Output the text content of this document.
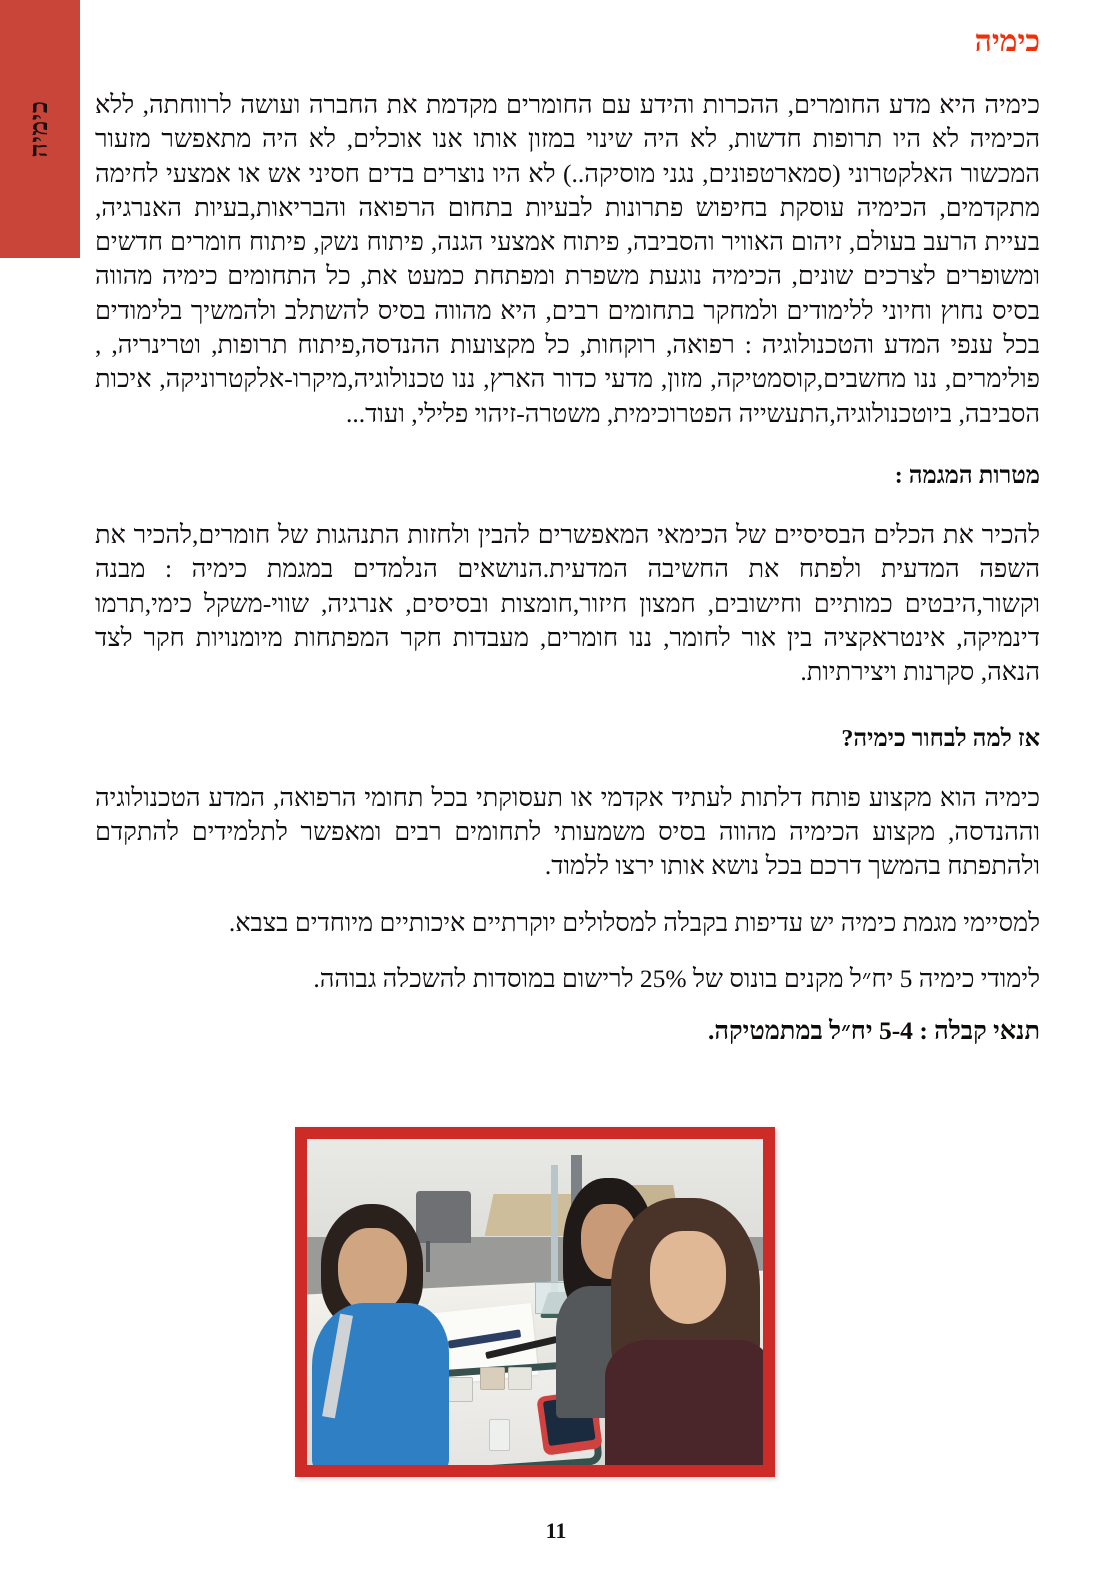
כימיה
כימיה

כימיה היא מדע החומרים, ההכרות והידע עם החומרים מקדמת את החברה ועושה לרווחתה, ללא הכימיה לא היו תרופות חדשות, לא היה שינוי במזון אותו אנו אוכלים, לא היה מתאפשר מזעור המכשור האלקטרוני (סמארטפונים, נגני מוסיקה..) לא היו נוצרים בדים חסיני אש או אמצעי לחימה מתקדמים, הכימיה עוסקת בחיפוש פתרונות לבעיות בתחום הרפואה והבריאות,בעיות האנרגיה, בעיית הרעב בעולם, זיהום האוויר והסביבה, פיתוח אמצעי הגנה, פיתוח נשק, פיתוח חומרים חדשים ומשופרים לצרכים שונים, הכימיה נוגעת משפרת ומפתחת כמעט את, כל התחומים כימיה מהווה בסיס נחוץ וחיוני ללימודים ולמחקר בתחומים רבים, היא מהווה בסיס להשתלב ולהמשיך בלימודים בכל ענפי המדע והטכנולוגיה : רפואה, רוקחות, כל מקצועות ההנדסה,פיתוח תרופות, וטרינריה, , פולימרים, ננו מחשבים,קוסמטיקה, מזון, מדעי כדור הארץ, ננו טכנולוגיה,מיקרו-אלקטרוניקה, איכות הסביבה, ביוטכנולוגיה,התעשייה הפטרוכימית, משטרה-זיהוי פלילי, ועוד...

מטרות המגמה :

להכיר את הכלים הבסיסיים של הכימאי המאפשרים להבין ולחזות התנהגות של חומרים,להכיר את השפה המדעית ולפתח את החשיבה המדעית.הנושאים הנלמדים במגמת כימיה : מבנה וקשור,היבטים כמותיים וחישובים, חמצון חיזור,חומצות ובסיסים, אנרגיה, שווי-משקל כימי,תרמו דינמיקה, אינטראקציה בין אור לחומר, ננו חומרים, מעבדות חקר המפתחות מיומנויות חקר לצד הנאה, סקרנות ויצירתיות.

אז למה לבחור כימיה?

כימיה הוא מקצוע פותח דלתות לעתיד אקדמי או תעסוקתי בכל תחומי הרפואה, המדע הטכנולוגיה וההנדסה, מקצוע הכימיה מהווה בסיס משמעותי לתחומים רבים ומאפשר לתלמידים להתקדם ולהתפתח בהמשך דרכם בכל נושא אותו ירצו ללמוד.

למסיימי מגמת כימיה יש עדיפות בקבלה למסלולים יוקרתיים איכותיים מיוחדים בצבא.

לימודי כימיה 5 יח״ל מקנים בונוס של 25% לרישום במוסדות להשכלה גבוהה.

תנאי קבלה : 5-4 יח״ל במתמטיקה.

11
